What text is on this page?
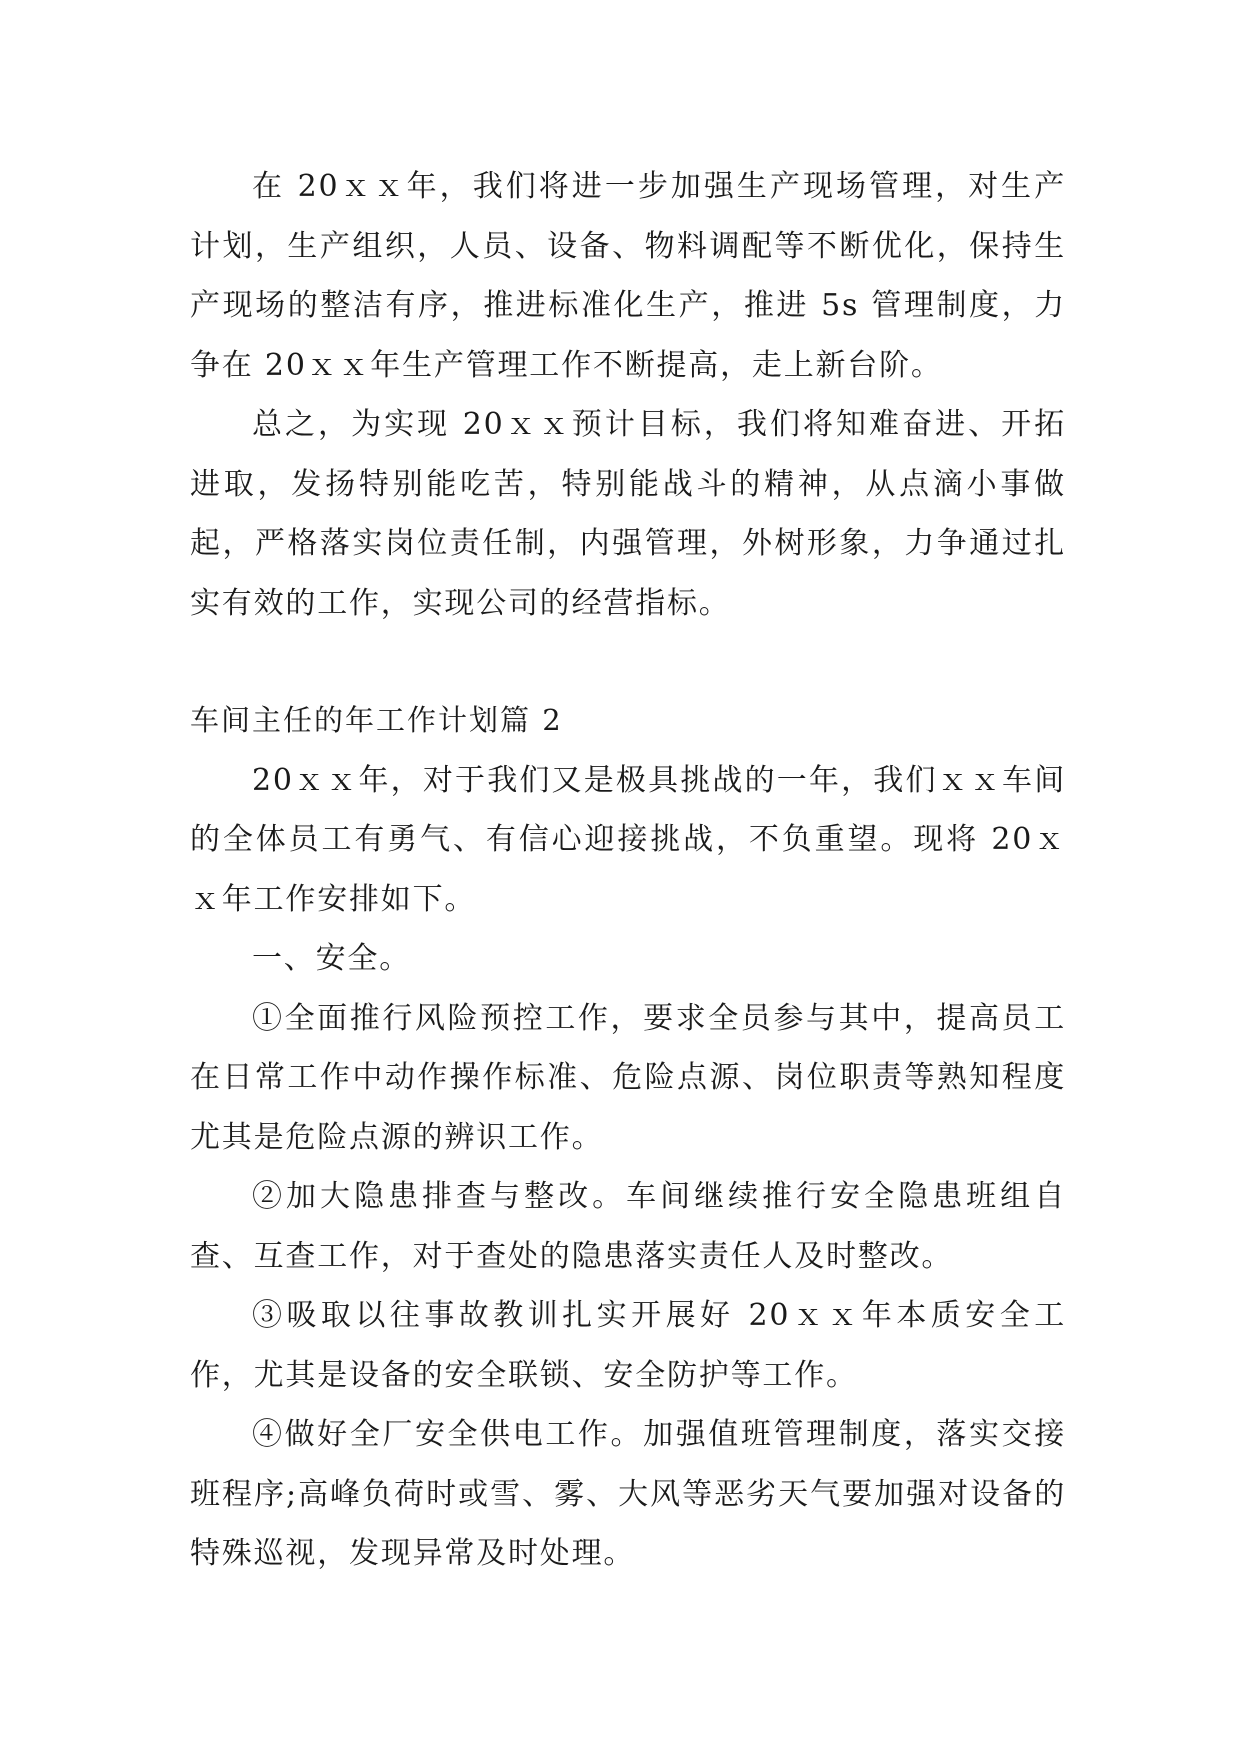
在 20ｘｘ年，我们将进一步加强生产现场管理，对生产计划，生产组织，人员、设备、物料调配等不断优化，保持生产现场的整洁有序，推进标准化生产，推进 5s 管理制度，力争在 20ｘｘ年生产管理工作不断提高，走上新台阶。

总之，为实现 20ｘｘ预计目标，我们将知难奋进、开拓进取，发扬特别能吃苦，特别能战斗的精神，从点滴小事做起，严格落实岗位责任制，内强管理，外树形象，力争通过扎实有效的工作，实现公司的经营指标。

车间主任的年工作计划篇 2

20ｘｘ年，对于我们又是极具挑战的一年，我们ｘｘ车间的全体员工有勇气、有信心迎接挑战，不负重望。现将 20ｘｘ年工作安排如下。

一、安全。

①全面推行风险预控工作，要求全员参与其中，提高员工在日常工作中动作操作标准、危险点源、岗位职责等熟知程度尤其是危险点源的辨识工作。

②加大隐患排查与整改。车间继续推行安全隐患班组自查、互查工作，对于查处的隐患落实责任人及时整改。

③吸取以往事故教训扎实开展好 20ｘｘ年本质安全工作，尤其是设备的安全联锁、安全防护等工作。

④做好全厂安全供电工作。加强值班管理制度，落实交接班程序;高峰负荷时或雪、雾、大风等恶劣天气要加强对设备的特殊巡视，发现异常及时处理。
